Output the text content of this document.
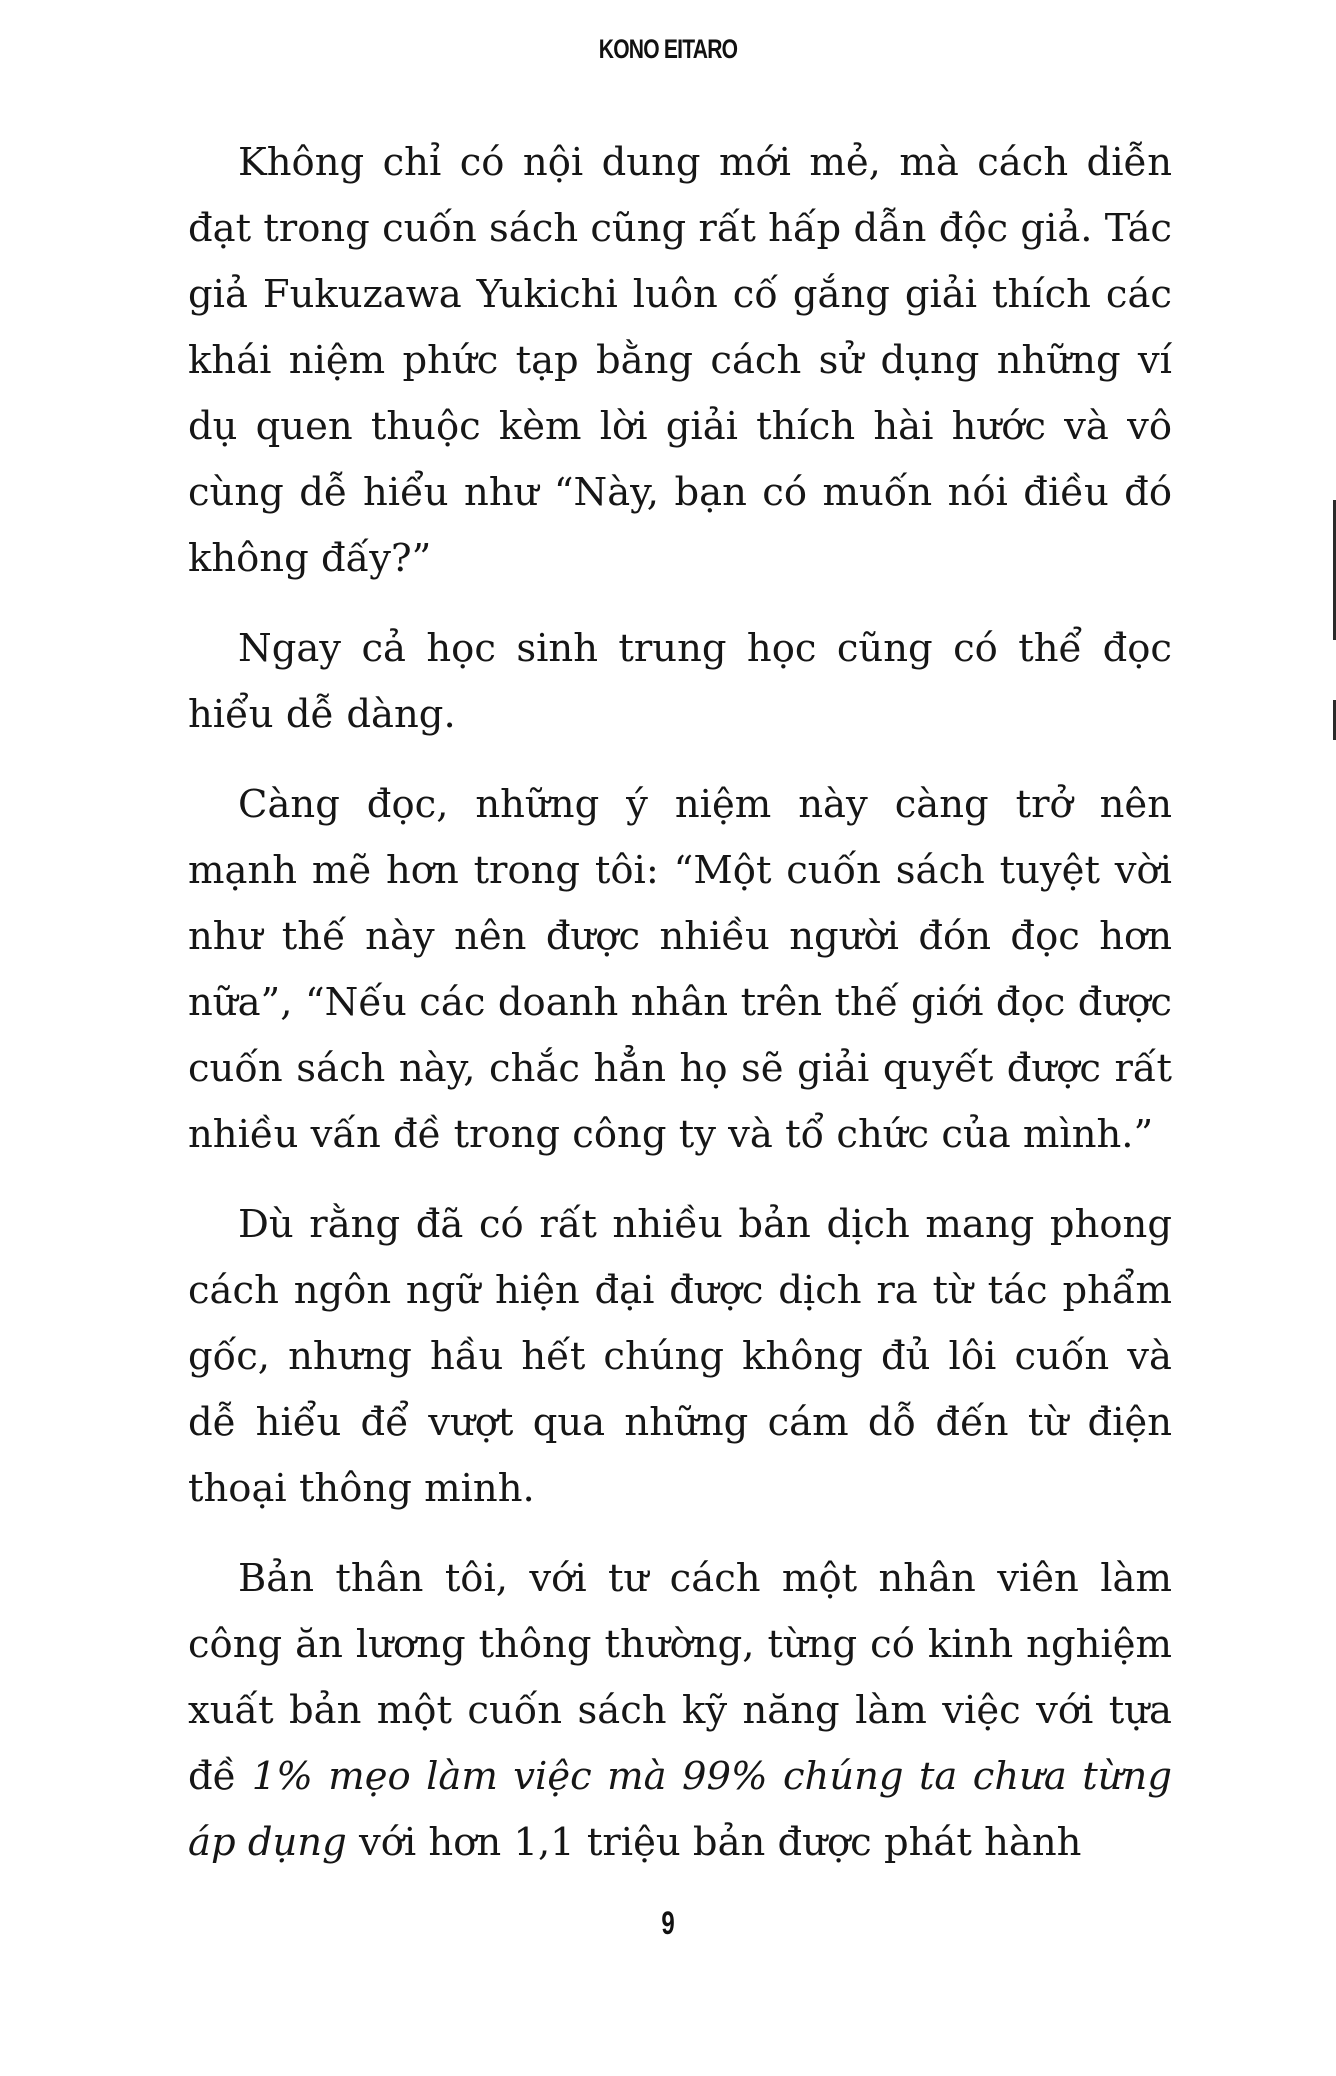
KONO EITARO

Không chỉ có nội dung mới mẻ, mà cách diễn đạt trong cuốn sách cũng rất hấp dẫn độc giả. Tác giả Fukuzawa Yukichi luôn cố gắng giải thích các khái niệm phức tạp bằng cách sử dụng những ví dụ quen thuộc kèm lời giải thích hài hước và vô cùng dễ hiểu như “Này, bạn có muốn nói điều đó không đấy?”

Ngay cả học sinh trung học cũng có thể đọc hiểu dễ dàng.

Càng đọc, những ý niệm này càng trở nên mạnh mẽ hơn trong tôi: “Một cuốn sách tuyệt vời như thế này nên được nhiều người đón đọc hơn nữa”, “Nếu các doanh nhân trên thế giới đọc được cuốn sách này, chắc hẳn họ sẽ giải quyết được rất nhiều vấn đề trong công ty và tổ chức của mình.”

Dù rằng đã có rất nhiều bản dịch mang phong cách ngôn ngữ hiện đại được dịch ra từ tác phẩm gốc, nhưng hầu hết chúng không đủ lôi cuốn và dễ hiểu để vượt qua những cám dỗ đến từ điện thoại thông minh.

Bản thân tôi, với tư cách một nhân viên làm công ăn lương thông thường, từng có kinh nghiệm xuất bản một cuốn sách kỹ năng làm việc với tựa đề 1% mẹo làm việc mà 99% chúng ta chưa từng áp dụng với hơn 1,1 triệu bản được phát hành

9
